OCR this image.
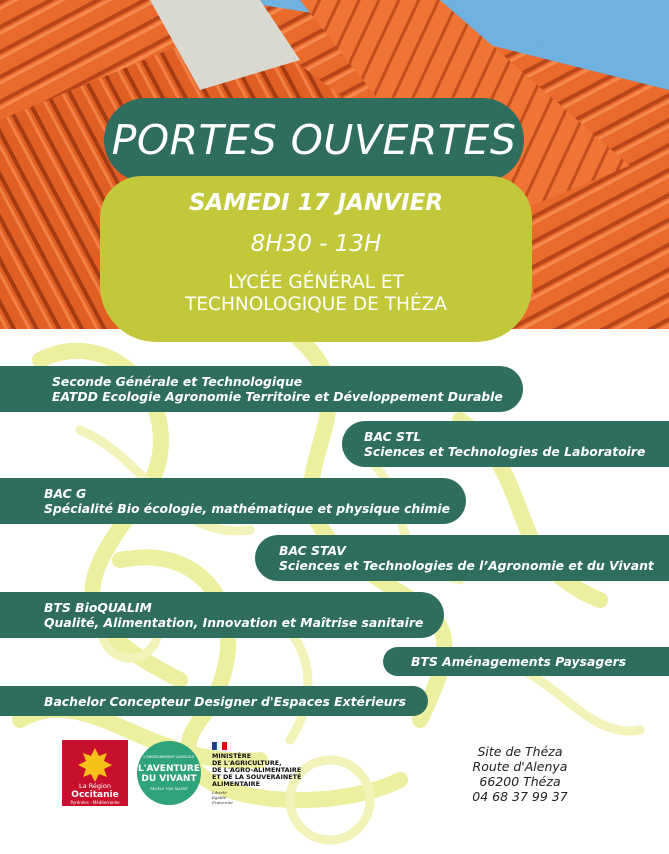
PORTES OUVERTES
SAMEDI 17 JANVIER
8H30 - 13H
LYCÉE GÉNÉRAL ET
TECHNOLOGIQUE DE THÉZA
Seconde Générale et Technologique
EATDD Ecologie Agronomie Territoire et Développement Durable
BAC STL
Sciences et Technologies de Laboratoire
BAC G
Spécialité Bio écologie, mathématique et physique chimie
BAC STAV
Sciences et Technologies de l’Agronomie et du Vivant
BTS BioQUALIM
Qualité, Alimentation, Innovation et Maîtrise sanitaire
BTS Aménagements Paysagers
Bachelor Concepteur Designer d'Espaces Extérieurs
La Région
Occitanie
Pyrénées - Méditerranée
L'ENSEIGNEMENT AGRICOLE
L'AVENTURE
DU VIVANT
RÉVÈLE TON TALENT
MINISTÈRE
DE L'AGRICULTURE,
DE L'AGRO-ALIMENTAIRE
ET DE LA SOUVERAINETÉ
ALIMENTAIRE
Liberté
Égalité
Fraternité
Site de Théza
Route d'Alenya
66200 Théza
04 68 37 99 37
